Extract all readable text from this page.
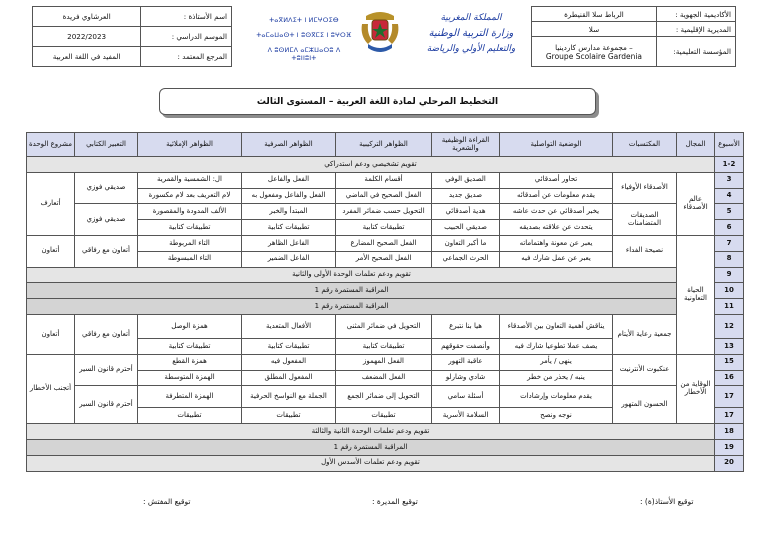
الأكاديمية الجهوية :	الرباط سلا القنيطرة
المديرية الإقليمية :	سلا
المؤسسة التعليمية:	– مجموعة مدارس كاردينيا
Groupe Scolaire Gardenia
اسم الأستاذة :	العرشاوي فريدة
الموسم الدراسي :	2022/2023
المرجع المعتمد :	المفيد في اللغة العربية
المملكة المغربية
وزارة التربية الوطنية
والتعليم الأولي والرياضة
ⵜⴰⴳⵍⴷⵉⵜ ⵏ ⵍⵎⵖⵔⵉⴱ
ⵜⴰⵎⴰⵡⴰⵙⵜ ⵏ ⵓⵙⴳⵎⵉ ⵏ ⵓⵖⵔⴼ
ⴷ ⵓⵙⵍⵎⴷ ⴰⵎⵣⵡⴰⵔⵓ ⴷ ⵜⵓⵏⵏⵓⵏⵜ
التخطيط المرحلي لمادة اللغة العربية – المستوى الثالث
الأسبوع	المجال	المكتسبات	الوضعية التواصلية	القراءة الوظيفية والشعرية	الظواهر التركيبية	الظواهر الصرفية	الظواهر الإملائية	التعبير الكتابي	مشروع الوحدة
1-2	تقويم تشخيصي ودعم استدراكي								
3	عالم الأصدقاء	الأصدقاء الأوفياء	تحاور أصدقائي	الصديق الوفي	أقسام الكلمة	الفعل والفاعل	ال: الشمسية والقمرية	صديقي فوزي	أتعارف
4			يقدم معلومات عن أصدقائه	صديق جديد	الفعل الصحيح في الماضي	الفعل والفاعل ومفعول به	لام التعريف بعد لام مكسورة		
5		الصديقات المتضامنات	يخبر أصدقائي عن حدث عاشه	هدية أصدقائي	التحويل حسب ضمائر المفرد	المبتدأ والخبر	الألف المدودة والمقصورة	صديقي فوزي	
6			يتحدث عن علاقته بصديقه	صديقي الحبيب	تطبيقات كتابية	تطبيقات كتابية	تطبيقات كتابية		
7	الحياة التعاونية	نصيحة الفداء	يعبر عن معونة واهتماماته	ما أكبر التعاون	الفعل الصحيح المضارع	الفاعل الظاهر	التاء المربوطة	أتعاون مع رفاقي	أتعاون
8			يعبر عن عمل شارك فيه	الحرث الجماعي	الفعل الصحيح الأمر	الفاعل الضمير	التاء المبسوطة		
9		تقويم ودعم تعلمات الوحدة الأولى والثانية							
10		المراقبة المستمرة رقم 1							
11		المراقبة المستمرة رقم 1							
12		جمعية رعاية الأيتام	يناقش أهمية التعاون بين الأصدقاء	هيا بنا نتبرع	التحويل في ضمائر المثنى	الأفعال المتعدية	همزة الوصل	أتعاون مع رفاقي	أتعاون
13			يصف عملا تطوعيا شارك فيه	وأنصفت حقوقهم	تطبيقات كتابية	تطبيقات كتابية	تطبيقات كتابية		
15	الوقاية من الأخطار	عنكبوت الأنترنيت	ينهى / يأمر	عاقبة التهور	الفعل المهموز	المفعول فيه	همزة القطع	أحترم قانون السير	أتجنب الأخطار
16			ينبه / يحذر من خطر	شادي وشارلو	الفعل المضعف	المفعول المطلق	الهمزة المتوسطة		
17		الحسون المتهور	يقدم معلومات وإرشادات	أسئلة سامي	التحويل إلى ضمائر الجمع	الجملة مع النواسخ الحرفية	الهمزة المتطرفة	أحترم قانون السير	
17			نوجه ونصح	السلامة الأسرية	تطبيقات	تطبيقات	تطبيقات		
18	تقويم ودعم تعلمات الوحدة الثانية والثالثة								
19	المراقبة المستمرة رقم 1								
20	تقويم ودعم تعلمات الأسدس الأول								
توقيع الأستاذ(ة) :
توقيع المديرة :
توقيع المفتش :
